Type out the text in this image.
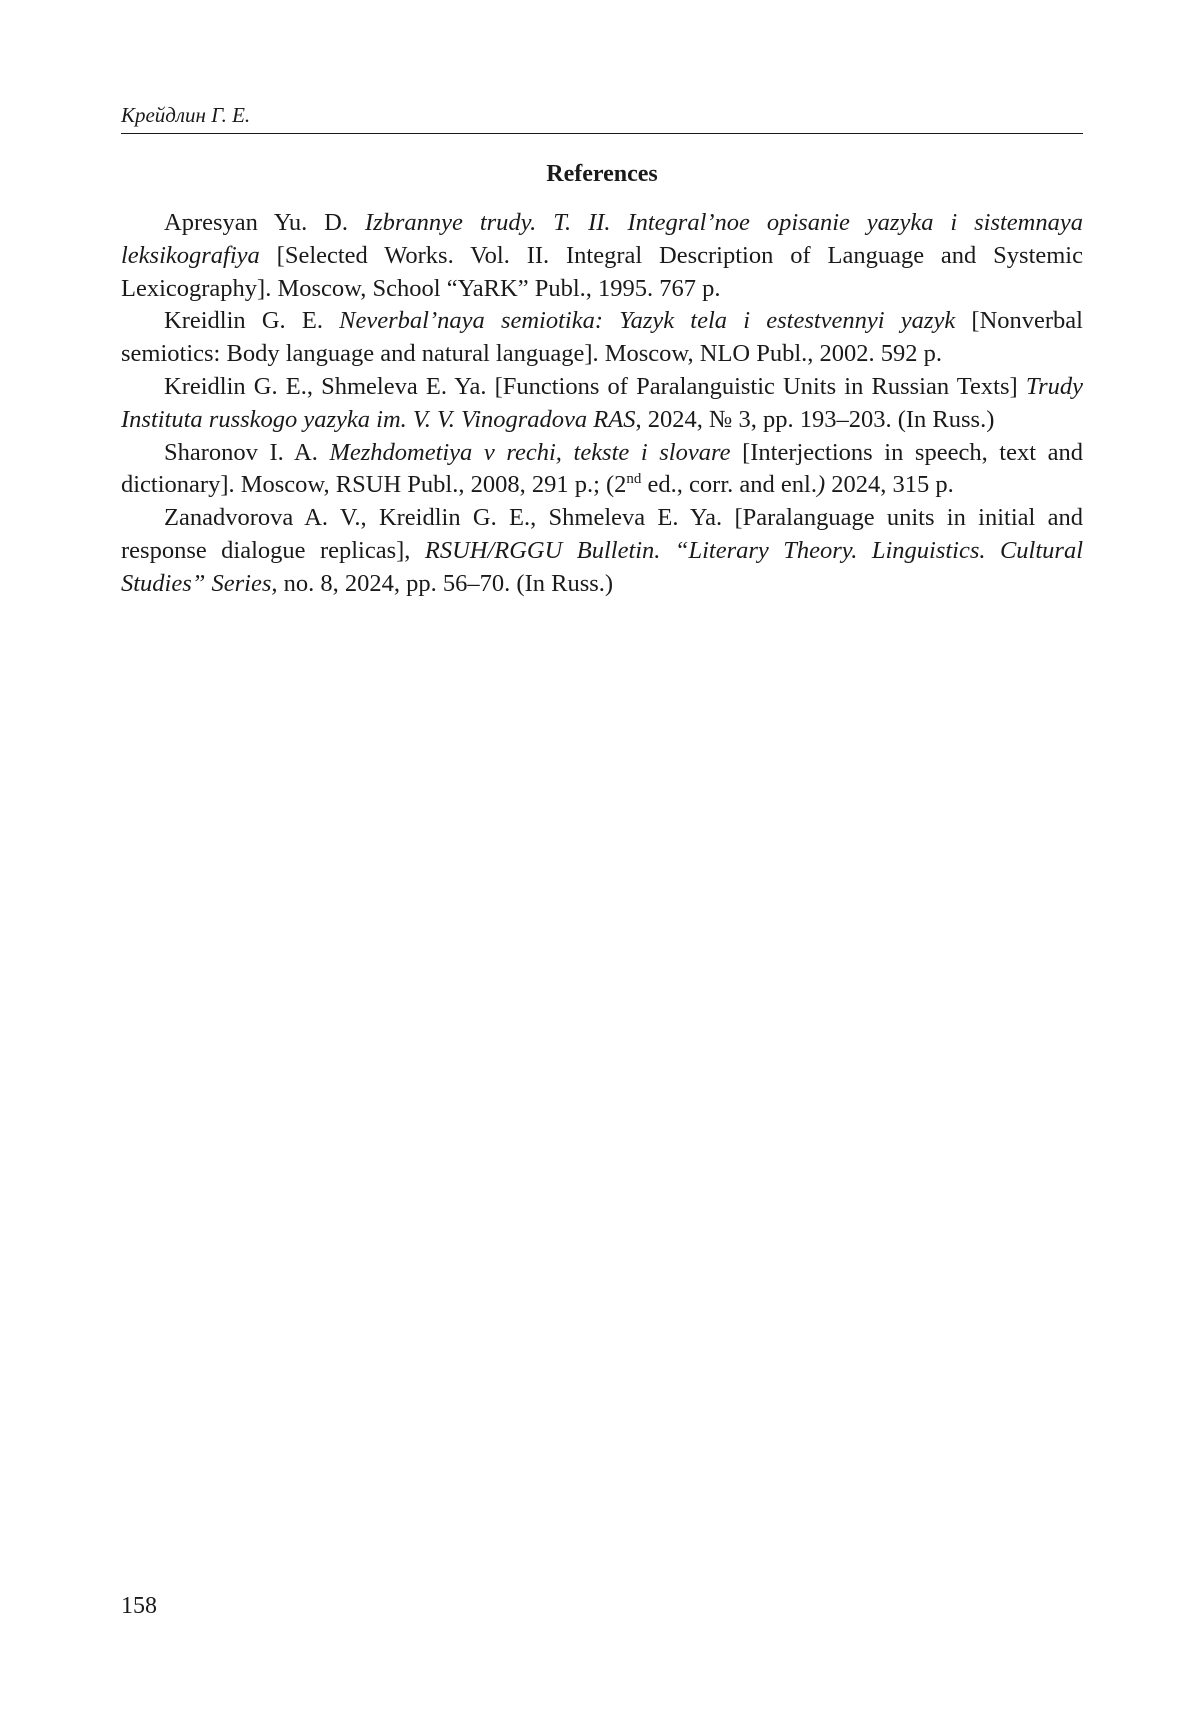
Крейдлин Г. Е.
References

Apresyan Yu. D. Izbrannye trudy. T. II. Integral’noe opisanie yazyka i sistemnaya leksikografiya [Selected Works. Vol. II. Integral Description of Language and Systemic Lexicography]. Moscow, School “YaRK” Publ., 1995. 767 p.

Kreidlin G. E. Neverbal’naya semiotika: Yazyk tela i estestvennyi yazyk [Nonverbal semiotics: Body language and natural language]. Moscow, NLO Publ., 2002. 592 p.

Kreidlin G. E., Shmeleva E. Ya. [Functions of Paralanguistic Units in Russian Texts] Trudy Instituta russkogo yazyka im. V. V. Vinogradova RAS, 2024, № 3, pp. 193–203. (In Russ.)

Sharonov I. A. Mezhdometiya v rechi, tekste i slovare [Interjections in speech, text and dictionary]. Moscow, RSUH Publ., 2008, 291 p.; (2nd ed., corr. and enl.) 2024, 315 p.

Zanadvorova A. V., Kreidlin G. E., Shmeleva E. Ya. [Paralanguage units in initial and response dialogue replicas], RSUH/RGGU Bulletin. “Literary Theory. Linguistics. Cultural Studies” Series, no. 8, 2024, pp. 56–70. (In Russ.)

158
